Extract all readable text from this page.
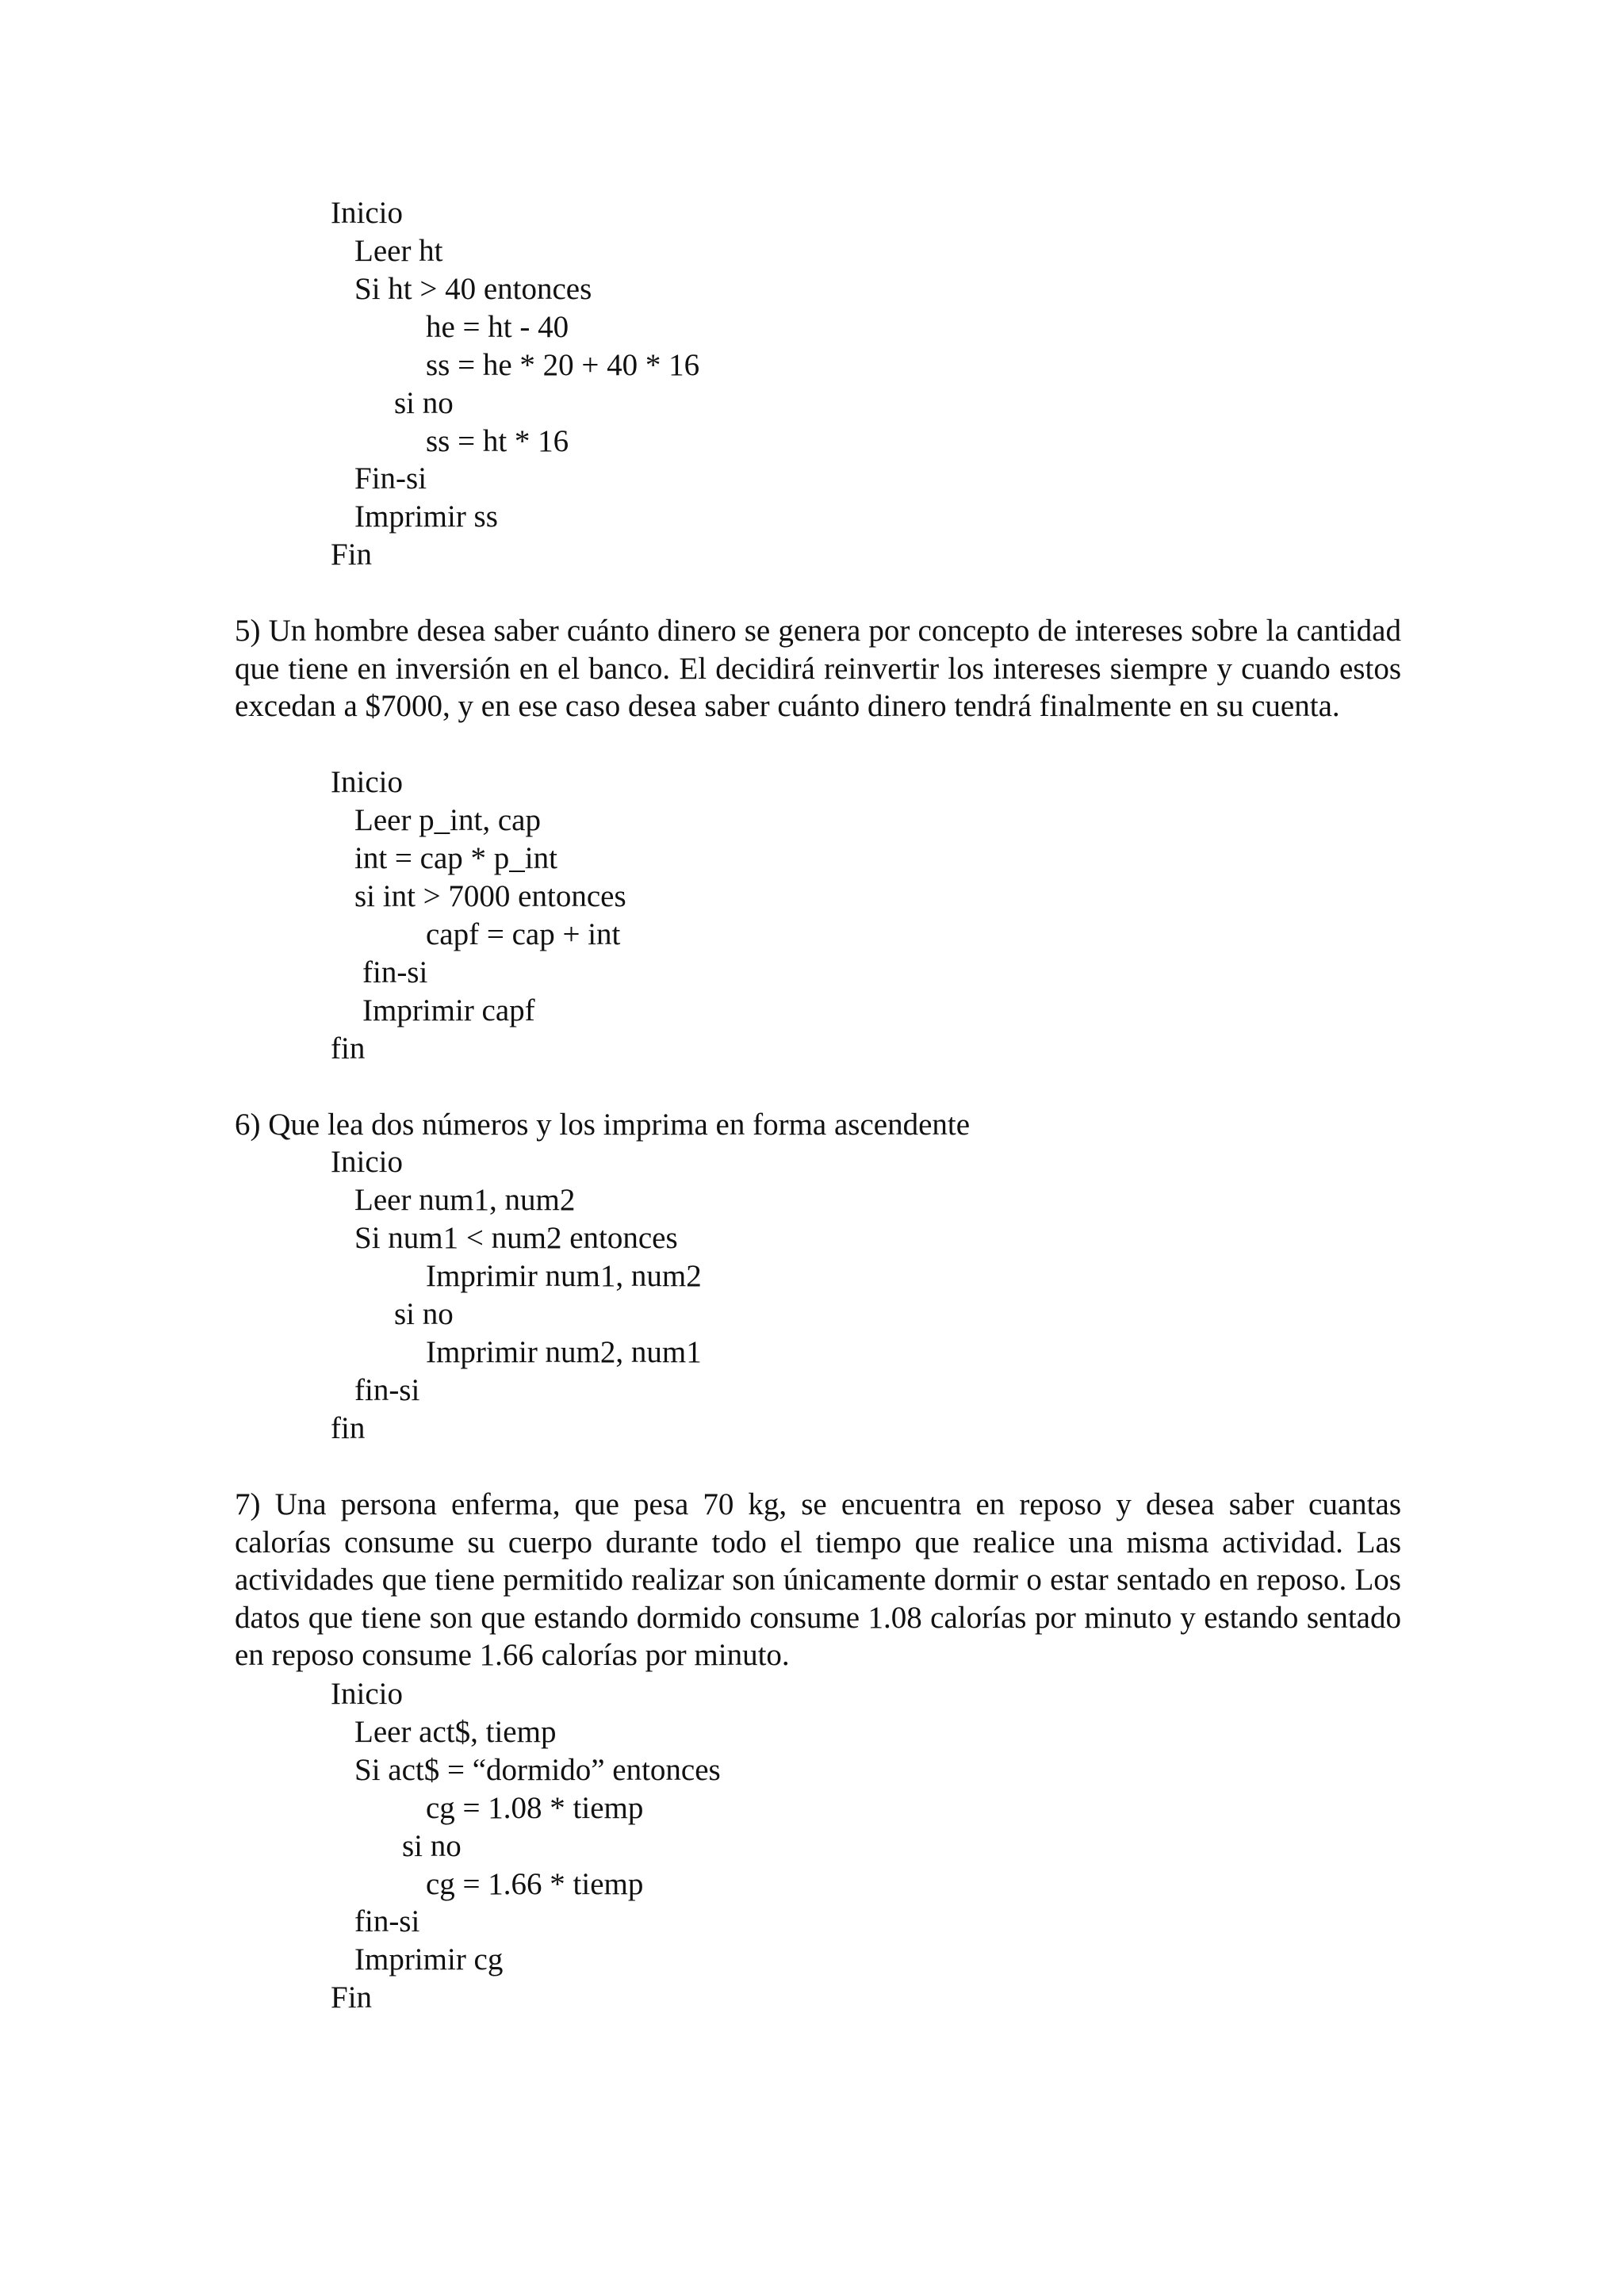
Inicio
Leer ht
Si ht > 40 entonces
he = ht - 40
ss = he * 20 + 40 * 16
si no
ss = ht * 16
Fin-si
Imprimir ss
Fin
5) Un hombre desea saber cuánto dinero se genera por concepto de intereses sobre la cantidad que tiene en inversión en el banco. El decidirá reinvertir los intereses siempre y cuando estos excedan a $7000, y en ese caso desea saber cuánto dinero tendrá finalmente en su cuenta.
Inicio
Leer p_int, cap
int = cap * p_int
si int > 7000 entonces
capf = cap + int
fin-si
Imprimir capf
fin
6) Que lea dos números y los imprima en forma ascendente
Inicio
Leer num1, num2
Si num1 < num2 entonces
Imprimir num1, num2
si no
Imprimir num2, num1
fin-si
fin
7) Una persona enferma, que pesa 70 kg, se encuentra en reposo y desea saber cuantas calorías consume su cuerpo durante todo el tiempo que realice una misma actividad. Las actividades que tiene permitido realizar son únicamente dormir o estar sentado en reposo. Los datos que tiene son que estando dormido consume 1.08 calorías por minuto y estando sentado en reposo consume 1.66 calorías por minuto.
Inicio
Leer act$, tiemp
Si act$ = “dormido” entonces
cg = 1.08 * tiemp
si no
cg = 1.66 * tiemp
fin-si
Imprimir cg
Fin
